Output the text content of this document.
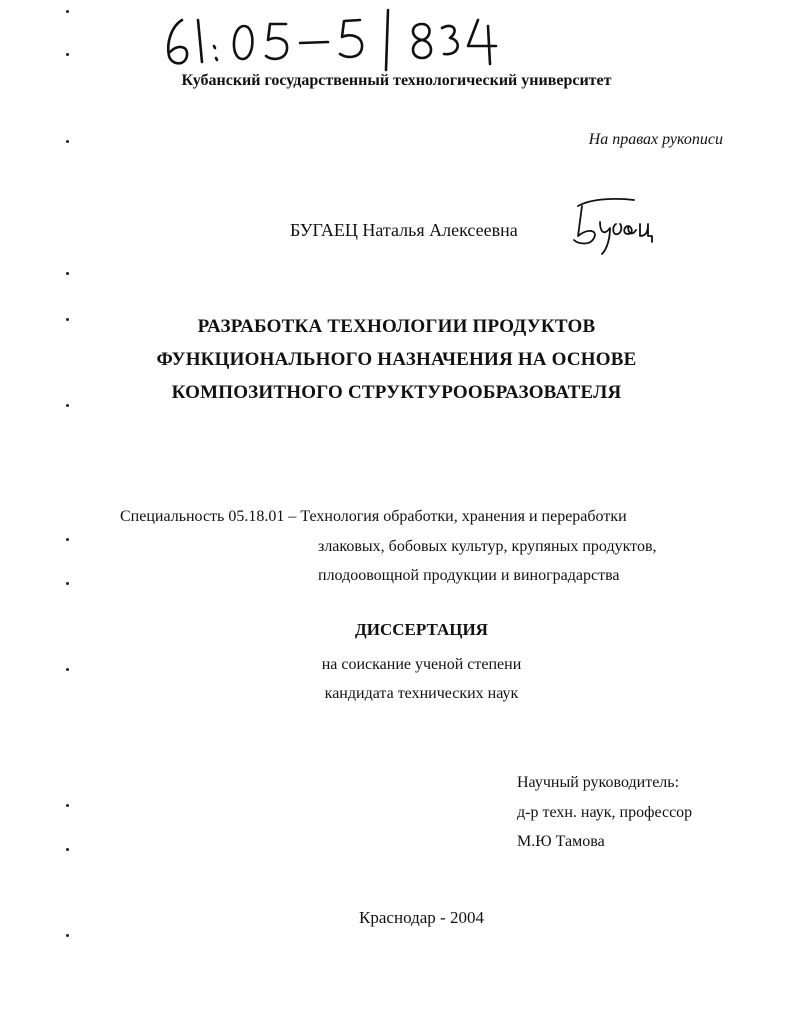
Кубанский государственный технологический университет
На правах рукописи
БУГАЕЦ Наталья Алексеевна
РАЗРАБОТКА ТЕХНОЛОГИИ ПРОДУКТОВ
ФУНКЦИОНАЛЬНОГО НАЗНАЧЕНИЯ НА ОСНОВЕ
КОМПОЗИТНОГО СТРУКТУРООБРАЗОВАТЕЛЯ
Специальность 05.18.01 – Технология обработки, хранения и переработки
злаковых, бобовых культур, крупяных продуктов,
плодоовощной продукции и виноградарства
ДИССЕРТАЦИЯ
на соискание ученой степени
кандидата технических наук
Научный руководитель:
д-р техн. наук, профессор
М.Ю Тамова
Краснодар - 2004
